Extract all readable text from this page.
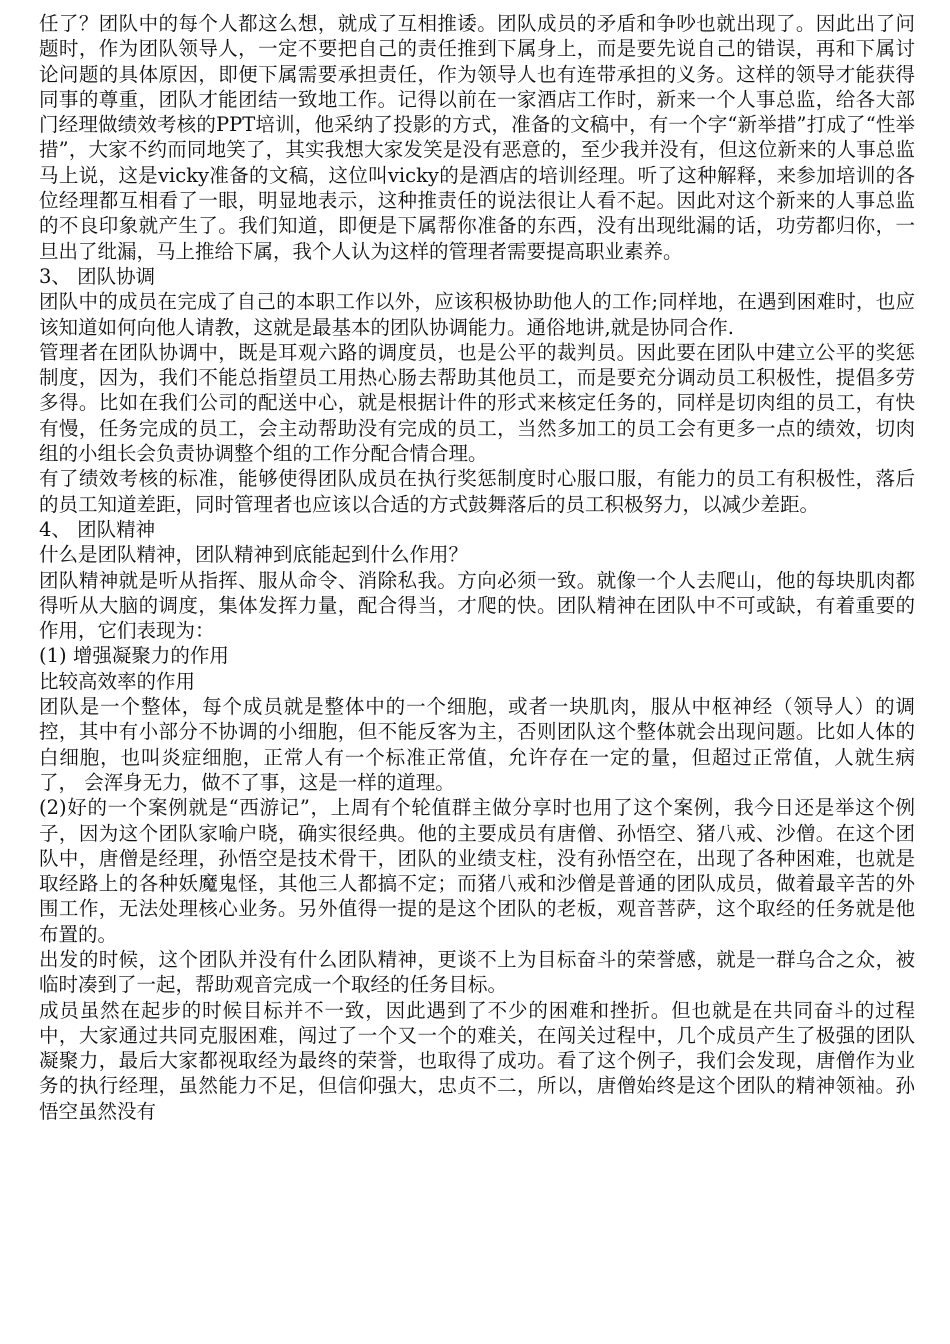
任了？团队中的每个人都这么想，就成了互相推诿。团队成员的矛盾和争吵也就出现了。因此出了问题时，作为团队领导人，一定不要把自己的责任推到下属身上，而是要先说自己的错误，再和下属讨论问题的具体原因，即便下属需要承担责任，作为领导人也有连带承担的义务。这样的领导才能获得同事的尊重，团队才能团结一致地工作。记得以前在一家酒店工作时，新来一个人事总监，给各大部门经理做绩效考核的PPT培训，他采纳了投影的方式，准备的文稿中，有一个字“新举措”打成了“性举措”，大家不约而同地笑了，其实我想大家发笑是没有恶意的，至少我并没有，但这位新来的人事总监马上说，这是vicky准备的文稿，这位叫vicky的是酒店的培训经理。听了这种解释，来参加培训的各位经理都互相看了一眼，明显地表示，这种推责任的说法很让人看不起。因此对这个新来的人事总监的不良印象就产生了。我们知道，即便是下属帮你准备的东西，没有出现纰漏的话，功劳都归你，一旦出了纰漏，马上推给下属，我个人认为这样的管理者需要提高职业素养。

3、 团队协调

团队中的成员在完成了自己的本职工作以外，应该积极协助他人的工作;同样地，在遇到困难时，也应该知道如何向他人请教，这就是最基本的团队协调能力。通俗地讲,就是协同合作.

管理者在团队协调中，既是耳观六路的调度员，也是公平的裁判员。因此要在团队中建立公平的奖惩制度，因为，我们不能总指望员工用热心肠去帮助其他员工，而是要充分调动员工积极性，提倡多劳多得。比如在我们公司的配送中心，就是根据计件的形式来核定任务的，同样是切肉组的员工，有快有慢，任务完成的员工，会主动帮助没有完成的员工，当然多加工的员工会有更多一点的绩效，切肉组的小组长会负责协调整个组的工作分配合情合理。

有了绩效考核的标准，能够使得团队成员在执行奖惩制度时心服口服，有能力的员工有积极性，落后的员工知道差距，同时管理者也应该以合适的方式鼓舞落后的员工积极努力，以减少差距。

4、 团队精神

什么是团队精神，团队精神到底能起到什么作用？

团队精神就是听从指挥、服从命令、消除私我。方向必须一致。就像一个人去爬山，他的每块肌肉都得听从大脑的调度，集体发挥力量，配合得当，才爬的快。团队精神在团队中不可或缺，有着重要的作用，它们表现为：

(1) 增强凝聚力的作用

比较高效率的作用

团队是一个整体，每个成员就是整体中的一个细胞，或者一块肌肉，服从中枢神经（领导人）的调控，其中有小部分不协调的小细胞，但不能反客为主，否则团队这个整体就会出现问题。比如人体的白细胞，也叫炎症细胞，正常人有一个标准正常值，允许存在一定的量，但超过正常值，人就生病了， 会浑身无力，做不了事，这是一样的道理。

(2)好的一个案例就是“西游记”，上周有个轮值群主做分享时也用了这个案例，我今日还是举这个例子，因为这个团队家喻户晓，确实很经典。他的主要成员有唐僧、孙悟空、猪八戒、沙僧。在这个团队中，唐僧是经理，孙悟空是技术骨干，团队的业绩支柱，没有孙悟空在，出现了各种困难，也就是取经路上的各种妖魔鬼怪，其他三人都搞不定；而猪八戒和沙僧是普通的团队成员，做着最辛苦的外围工作，无法处理核心业务。另外值得一提的是这个团队的老板，观音菩萨，这个取经的任务就是他布置的。

出发的时候，这个团队并没有什么团队精神，更谈不上为目标奋斗的荣誉感，就是一群乌合之众，被临时凑到了一起，帮助观音完成一个取经的任务目标。

成员虽然在起步的时候目标并不一致，因此遇到了不少的困难和挫折。但也就是在共同奋斗的过程中，大家通过共同克服困难，闯过了一个又一个的难关，在闯关过程中，几个成员产生了极强的团队凝聚力，最后大家都视取经为最终的荣誉，也取得了成功。看了这个例子，我们会发现，唐僧作为业务的执行经理，虽然能力不足，但信仰强大，忠贞不二，所以，唐僧始终是这个团队的精神领袖。孙悟空虽然没有
